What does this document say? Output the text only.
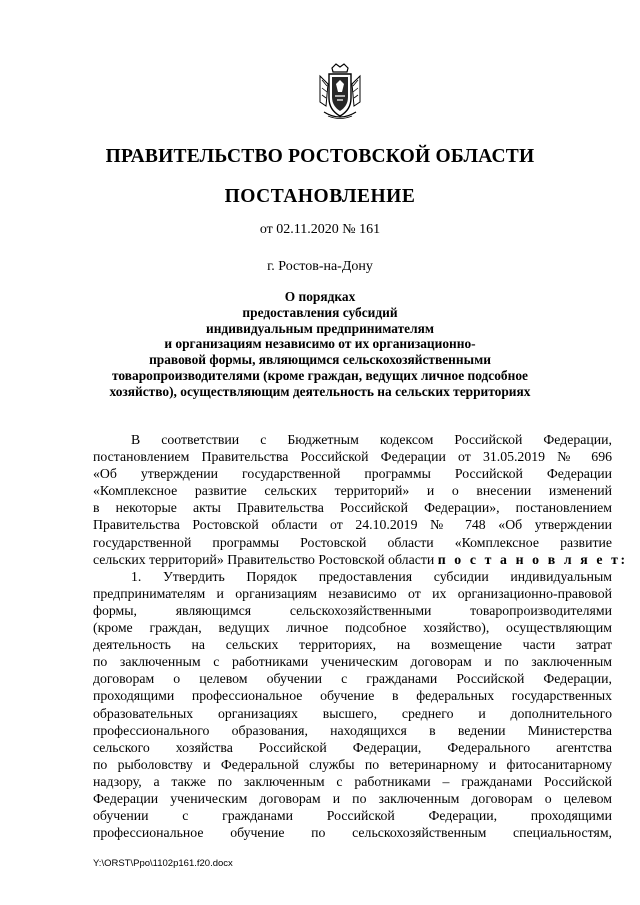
ПРАВИТЕЛЬСТВО РОСТОВСКОЙ ОБЛАСТИ
ПОСТАНОВЛЕНИЕ
от 02.11.2020 № 161
г. Ростов-на-Дону
О порядках
предоставления субсидий
индивидуальным предпринимателям
и организациям независимо от их организационно-
правовой формы, являющимся сельскохозяйственными
товаропроизводителями (кроме граждан, ведущих личное подсобное
хозяйство), осуществляющим деятельность на сельских территориях
В соответствии с Бюджетным кодексом Российской Федерации,
постановлением Правительства Российской Федерации от 31.05.2019 № 696
«Об утверждении государственной программы Российской Федерации
«Комплексное развитие сельских территорий» и о внесении изменений
в некоторые акты Правительства Российской Федерации», постановлением
Правительства Ростовской области от 24.10.2019 № 748 «Об утверждении
государственной программы Ростовской области «Комплексное развитие
сельских территорий» Правительство Ростовской области п о с т а н о в л я е т:
1. Утвердить Порядок предоставления субсидии индивидуальным
предпринимателям и организациям независимо от их организационно-правовой
формы, являющимся сельскохозяйственными товаропроизводителями
(кроме граждан, ведущих личное подсобное хозяйство), осуществляющим
деятельность на сельских территориях, на возмещение части затрат
по заключенным с работниками ученическим договорам и по заключенным
договорам о целевом обучении с гражданами Российской Федерации,
проходящими профессиональное обучение в федеральных государственных
образовательных организациях высшего, среднего и дополнительного
профессионального образования, находящихся в ведении Министерства
сельского хозяйства Российской Федерации, Федерального агентства
по рыболовству и Федеральной службы по ветеринарному и фитосанитарному
надзору, а также по заключенным с работниками – гражданами Российской
Федерации ученическим договорам и по заключенным договорам о целевом
обучении с гражданами Российской Федерации, проходящими
профессиональное обучение по сельскохозяйственным специальностям,
Y:\ORST\Ppo\1102p161.f20.docx
